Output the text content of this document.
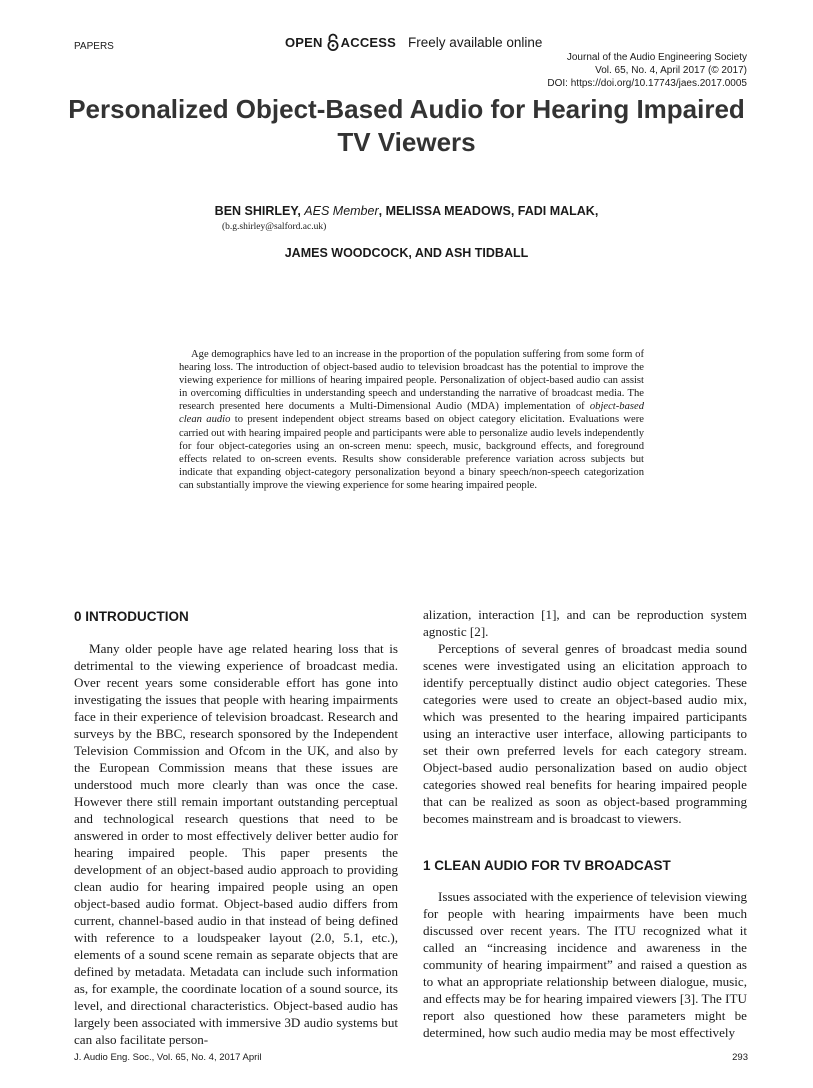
PAPERS	OPEN ACCESS Freely available online
Journal of the Audio Engineering Society
Vol. 65, No. 4, April 2017 (© 2017)
DOI: https://doi.org/10.17743/jaes.2017.0005
Personalized Object-Based Audio for Hearing Impaired TV Viewers
BEN SHIRLEY, AES Member, MELISSA MEADOWS, FADI MALAK,
(b.g.shirley@salford.ac.uk)
JAMES WOODCOCK, AND ASH TIDBALL
Age demographics have led to an increase in the proportion of the population suffering from some form of hearing loss. The introduction of object-based audio to television broadcast has the potential to improve the viewing experience for millions of hearing impaired people. Personalization of object-based audio can assist in overcoming difficulties in understanding speech and understanding the narrative of broadcast media. The research presented here documents a Multi-Dimensional Audio (MDA) implementation of object-based clean audio to present independent object streams based on object category elicitation. Evaluations were carried out with hearing impaired people and participants were able to personalize audio levels independently for four object-categories using an on-screen menu: speech, music, background effects, and foreground effects related to on-screen events. Results show considerable preference variation across subjects but indicate that expanding object-category personalization beyond a binary speech/non-speech categorization can substantially improve the viewing experience for some hearing impaired people.
0 INTRODUCTION

Many older people have age related hearing loss that is detrimental to the viewing experience of broadcast media. Over recent years some considerable effort has gone into investigating the issues that people with hearing impairments face in their experience of television broadcast. Research and surveys by the BBC, research sponsored by the Independent Television Commission and Ofcom in the UK, and also by the European Commission means that these issues are understood much more clearly than was once the case. However there still remain important outstanding perceptual and technological research questions that need to be answered in order to most effectively deliver better audio for hearing impaired people. This paper presents the development of an object-based audio approach to providing clean audio for hearing impaired people using an open object-based audio format. Object-based audio differs from current, channel-based audio in that instead of being defined with reference to a loudspeaker layout (2.0, 5.1, etc.), elements of a sound scene remain as separate objects that are defined by metadata. Metadata can include such information as, for example, the coordinate location of a sound source, its level, and directional characteristics. Object-based audio has largely been associated with immersive 3D audio systems but can also facilitate person-

alization, interaction [1], and can be reproduction system agnostic [2].

Perceptions of several genres of broadcast media sound scenes were investigated using an elicitation approach to identify perceptually distinct audio object categories. These categories were used to create an object-based audio mix, which was presented to the hearing impaired participants using an interactive user interface, allowing participants to set their own preferred levels for each category stream. Object-based audio personalization based on audio object categories showed real benefits for hearing impaired people that can be realized as soon as object-based programming becomes mainstream and is broadcast to viewers.

1 CLEAN AUDIO FOR TV BROADCAST

Issues associated with the experience of television viewing for people with hearing impairments have been much discussed over recent years. The ITU recognized what it called an “increasing incidence and awareness in the community of hearing impairment” and raised a question as to what an appropriate relationship between dialogue, music, and effects may be for hearing impaired viewers [3]. The ITU report also questioned how these parameters might be determined, how such audio media may be most effectively

J. Audio Eng. Soc., Vol. 65, No. 4, 2017 April	293
